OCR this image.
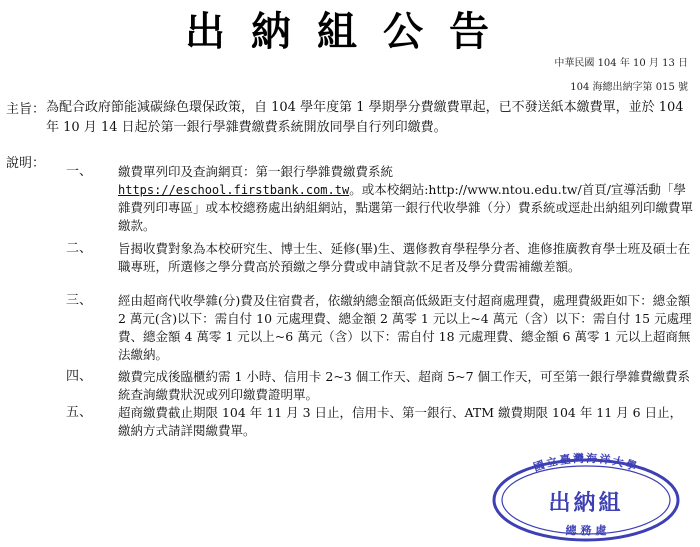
出納組公告
中華民國 104 年 10 月 13 日
104 海總出納字第 015 號
主旨： 為配合政府節能減碳綠色環保政策，自 104 學年度第 1 學期學分費繳費單起，已不發送紙本繳費單，並於 104 年 10 月 14 日起於第一銀行學雜費繳費系統開放同學自行列印繳費。
說明：
一、 繳費單列印及查詢網頁：第一銀行學雜費繳費系統
https://eschool.firstbank.com.tw。或本校網站:http://www.ntou.edu.tw/首頁/宣導活動「學雜費列印專區」或本校總務處出納組網站，點選第一銀行代收學雜（分）費系統或逕赴出納組列印繳費單繳款。
二、 旨揭收費對象為本校研究生、博士生、延修(畢)生、選修教育學程學分者、進修推廣教育學士班及碩士在職專班，所選修之學分費高於預繳之學分費或申請貸款不足者及學分費需補繳差額。
三、 經由超商代收學雜(分)費及住宿費者，依繳納總金額高低級距支付超商處理費，處理費級距如下：總金額 2 萬元(含)以下：需自付 10 元處理費、總金額 2 萬零 1 元以上~4 萬元（含）以下：需自付 15 元處理費、總金額 4 萬零 1 元以上~6 萬元（含）以下：需自付 18 元處理費、總金額 6 萬零 1 元以上超商無法繳納。
四、 繳費完成後臨櫃約需 1 小時、信用卡 2~3 個工作天、超商 5~7 個工作天，可至第一銀行學雜費繳費系統查詢繳費狀況或列印繳費證明單。
五、 超商繳費截止期限 104 年 11 月 3 日止，信用卡、第一銀行、ATM 繳費期限 104 年 11 月 6 日止，繳納方式請詳閱繳費單。
國立臺灣海洋大學
出納組
總 務 處
